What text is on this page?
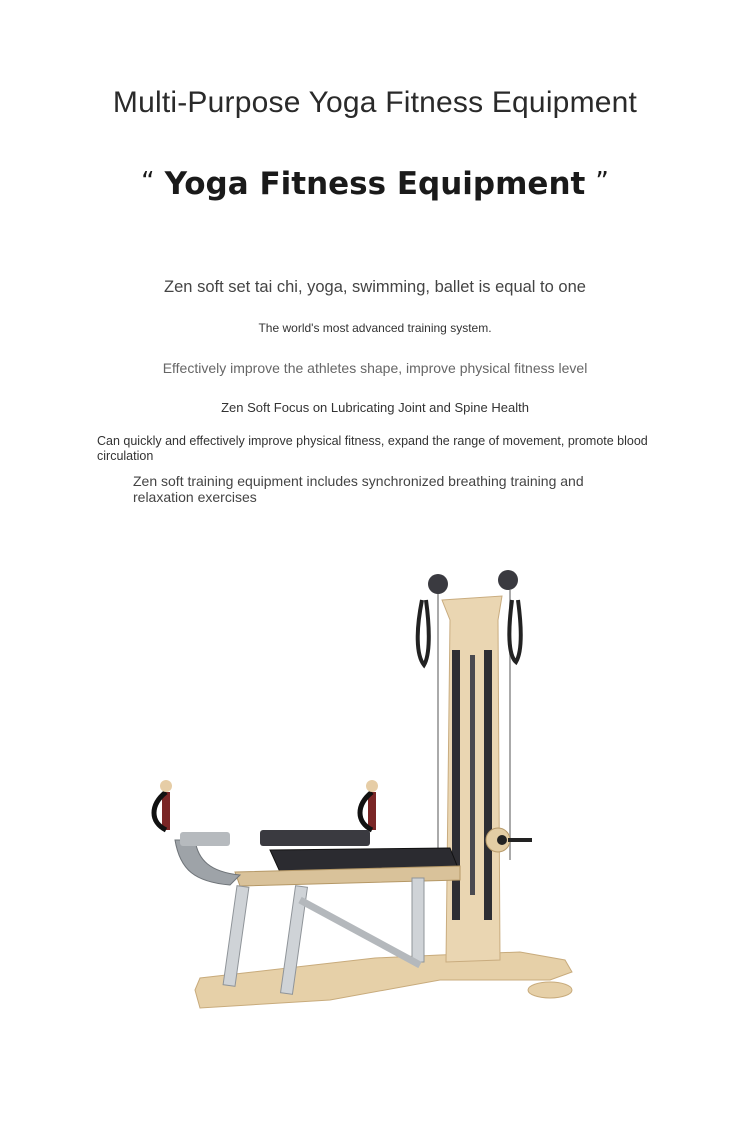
Multi-Purpose Yoga Fitness Equipment
“ Yoga Fitness Equipment ”
Zen soft set tai chi, yoga, swimming, ballet is equal to one
The world's most advanced training system.
Effectively improve the athletes shape, improve physical fitness level
Zen Soft Focus on Lubricating Joint and Spine Health
Can quickly and effectively improve physical fitness, expand the range of movement, promote blood circulation
Zen soft training equipment includes synchronized breathing training and relaxation exercises
